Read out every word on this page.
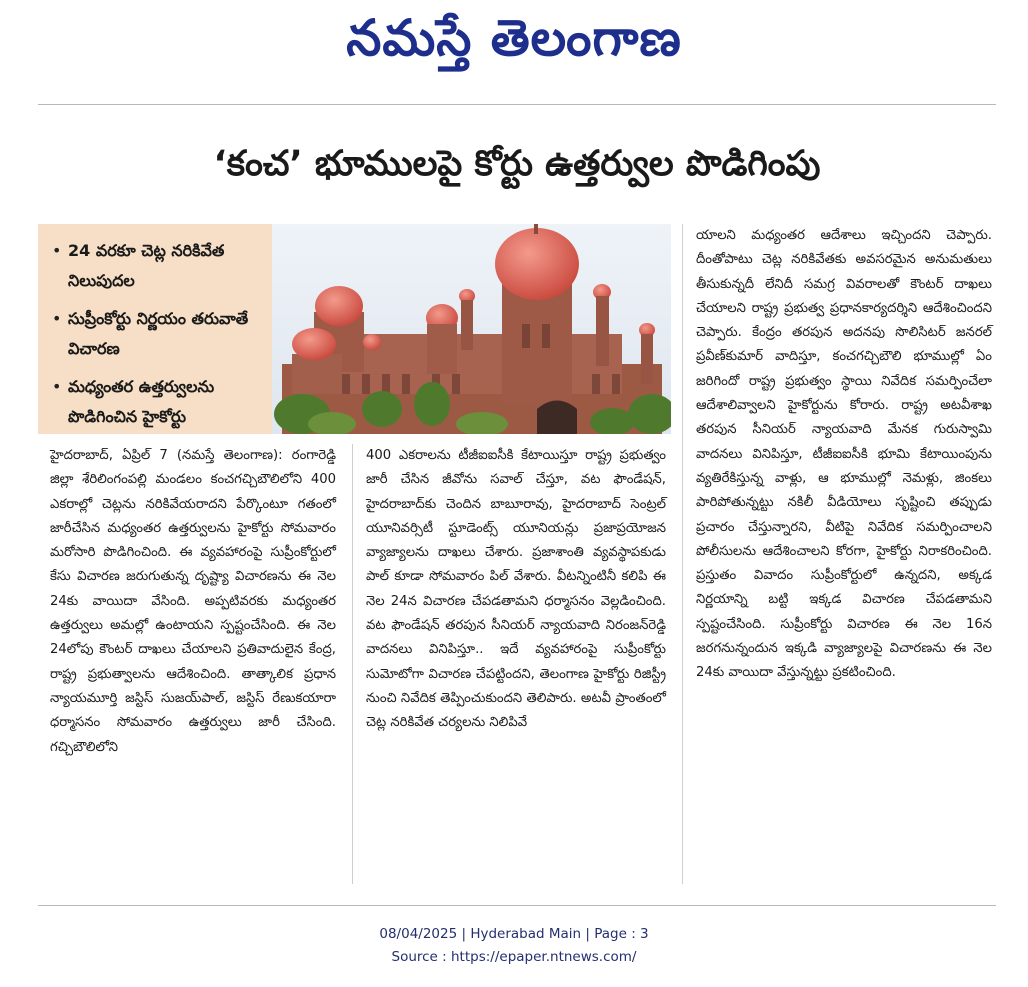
నమస్తే తెలంగాణ
‘కంచ’ భూములపై కోర్టు ఉత్తర్వుల పొడిగింపు
• 24 వరకూ చెట్ల నరికివేత నిలుపుదల
• సుప్రీంకోర్టు నిర్ణయం తరువాతే విచారణ
• మధ్యంతర ఉత్తర్వులను పొడిగించిన హైకోర్టు

హైదరాబాద్, ఏప్రిల్ 7 (నమస్తే తెలంగాణ): రంగారెడ్డి జిల్లా శేరిలింగంపల్లి మండలం కంచగచ్చిబౌలిలోని 400 ఎకరాల్లో చెట్లను నరికివేయరాదని పేర్కొంటూ గతంలో జారీచేసిన మధ్యంతర ఉత్తర్వులను హైకోర్టు సోమవారం మరోసారి పొడిగించింది. ఈ వ్యవహారంపై సుప్రీంకోర్టులో కేసు విచారణ జరుగుతున్న దృష్ట్యా విచారణను ఈ నెల 24కు వాయిదా వేసింది. అప్పటివరకు మధ్యంతర ఉత్తర్వులు అమల్లో ఉంటాయని స్పష్టంచేసింది. ఈ నెల 24లోపు కౌంటర్ దాఖలు చేయాలని ప్రతివాదులైన కేంద్ర, రాష్ట్ర ప్రభుత్వాలను ఆదేశించింది. తాత్కాలిక ప్రధాన న్యాయమూర్తి జస్టిస్ సుజయ్‌పాల్, జస్టిస్ రేణుకయారా ధర్మాసనం సోమవారం ఉత్తర్వులు జారీ చేసింది. గచ్చిబౌలిలోని

400 ఎకరాలను టీజీఐఐసీకి కేటాయిస్తూ రాష్ట్ర ప్రభుత్వం జారీ చేసిన జీవోను సవాల్ చేస్తూ, వట ఫౌండేషన్, హైదరాబాద్‌కు చెందిన బాబూరావు, హైదరాబాద్ సెంట్రల్ యూనివర్సిటీ స్టూడెంట్స్ యూనియన్లు ప్రజాప్రయోజన వ్యాజ్యాలను దాఖలు చేశారు. ప్రజాశాంతి వ్యవస్థాపకుడు పాల్ కూడా సోమవారం పిల్ వేశారు. వీటన్నింటినీ కలిపి ఈ నెల 24న విచారణ చేపడతామని ధర్మాసనం వెల్లడించింది. వట ఫౌండేషన్ తరపున సీనియర్ న్యాయవాది నిరంజన్‌రెడ్డి వాదనలు వినిపిస్తూ.. ఇదే వ్యవహారంపై సుప్రీంకోర్టు సుమోటోగా విచారణ చేపట్టిందని, తెలంగాణ హైకోర్టు రిజిస్ట్రీ నుంచి నివేదిక తెప్పించుకుందని తెలిపారు. అటవీ ప్రాంతంలో చెట్ల నరికివేత చర్యలను నిలిపివే

యాలని మధ్యంతర ఆదేశాలు ఇచ్చిందని చెప్పారు. దీంతోపాటు చెట్ల నరికివేతకు అవసరమైన అనుమతులు తీసుకున్నదీ లేనిదీ సమగ్ర వివరాలతో కౌంటర్ దాఖలు చేయాలని రాష్ట్ర ప్రభుత్వ ప్రధానకార్యదర్శిని ఆదేశించిందని చెప్పారు. కేంద్రం తరపున అదనపు సొలిసిటర్ జనరల్ ప్రవీణ్‌కుమార్ వాదిస్తూ, కంచగచ్చిబౌలి భూముల్లో ఏం జరిగిందో రాష్ట్ర ప్రభుత్వం స్థాయి నివేదిక సమర్పించేలా ఆదేశాలివ్వాలని హైకోర్టును కోరారు. రాష్ట్ర అటవీశాఖ తరపున సీనియర్ న్యాయవాది మేనక గురుస్వామి వాదనలు వినిపిస్తూ, టీజీఐఐసీకి భూమి కేటాయింపును వ్యతిరేకిస్తున్న వాళ్లు, ఆ భూముల్లో నెమళ్లు, జింకలు పారిపోతున్నట్టు నకిలీ వీడియోలు సృష్టించి తప్పుడు ప్రచారం చేస్తున్నారని, వీటిపై నివేదిక సమర్పించాలని పోలీసులను ఆదేశించాలని కోరగా, హైకోర్టు నిరాకరించింది. ప్రస్తుతం వివాదం సుప్రీంకోర్టులో ఉన్నదని, అక్కడ నిర్ణయాన్ని బట్టి ఇక్కడ విచారణ చేపడతామని స్పష్టంచేసింది. సుప్రీంకోర్టు విచారణ ఈ నెల 16న జరగనున్నందున ఇక్కడి వ్యాజ్యాలపై విచారణను ఈ నెల 24కు వాయిదా వేస్తున్నట్టు ప్రకటించింది.

08/04/2025 | Hyderabad Main | Page : 3
Source : https://epaper.ntnews.com/
